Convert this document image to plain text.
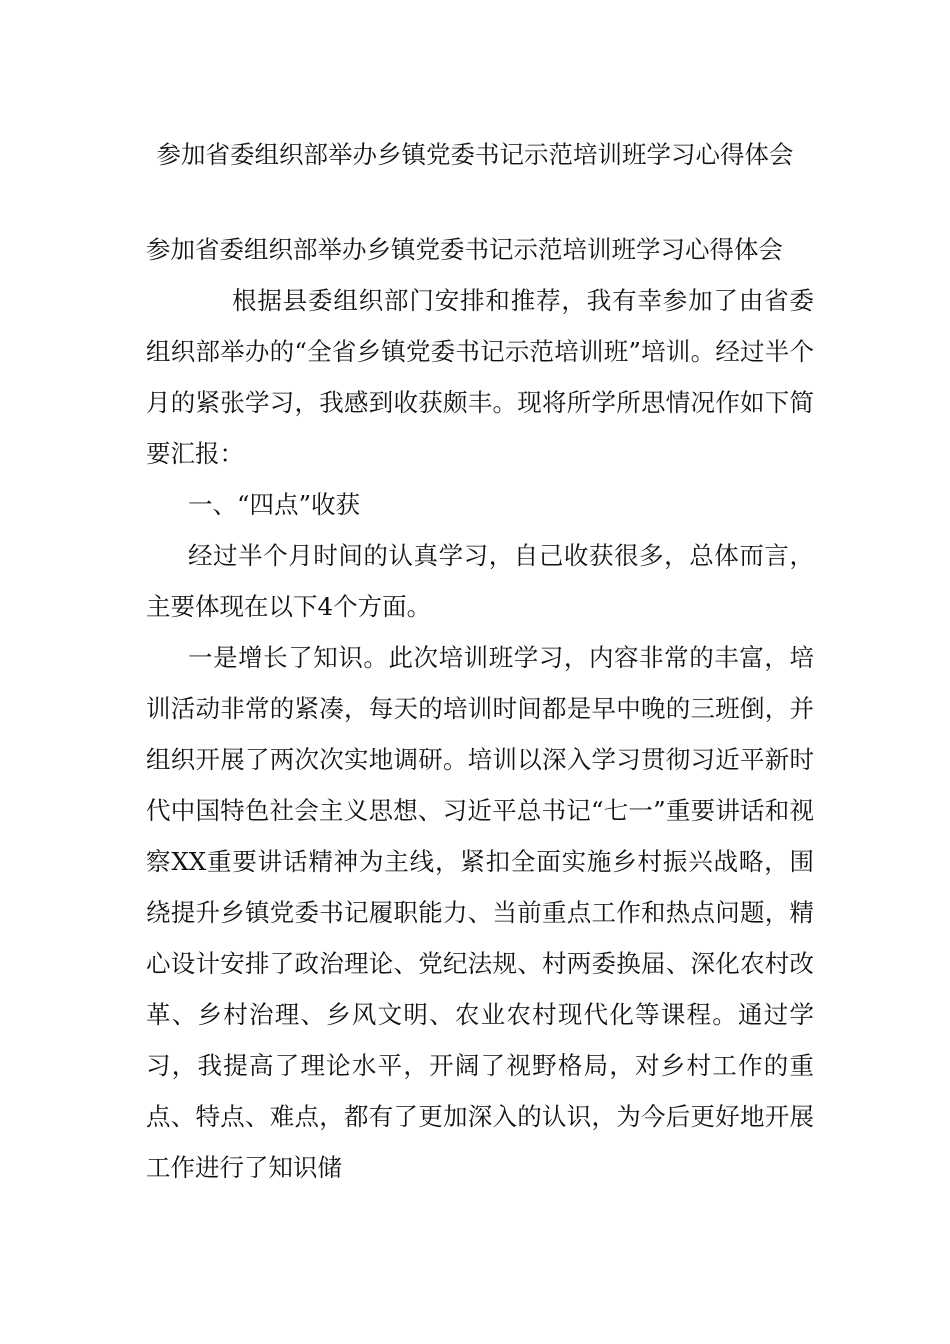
参加省委组织部举办乡镇党委书记示范培训班学习心得体会

参加省委组织部举办乡镇党委书记示范培训班学习心得体会

根据县委组织部门安排和推荐，我有幸参加了由省委组织部举办的“全省乡镇党委书记示范培训班”培训。经过半个月的紧张学习，我感到收获颇丰。现将所学所思情况作如下简要汇报：

一、“四点”收获

经过半个月时间的认真学习，自己收获很多，总体而言，主要体现在以下4个方面。

一是增长了知识。此次培训班学习，内容非常的丰富，培训活动非常的紧凑，每天的培训时间都是早中晚的三班倒，并组织开展了两次次实地调研。培训以深入学习贯彻习近平新时代中国特色社会主义思想、习近平总书记“七一”重要讲话和视察XX重要讲话精神为主线，紧扣全面实施乡村振兴战略，围绕提升乡镇党委书记履职能力、当前重点工作和热点问题，精心设计安排了政治理论、党纪法规、村两委换届、深化农村改革、乡村治理、乡风文明、农业农村现代化等课程。通过学习，我提高了理论水平，开阔了视野格局，对乡村工作的重点、特点、难点，都有了更加深入的认识，为今后更好地开展工作进行了知识储
